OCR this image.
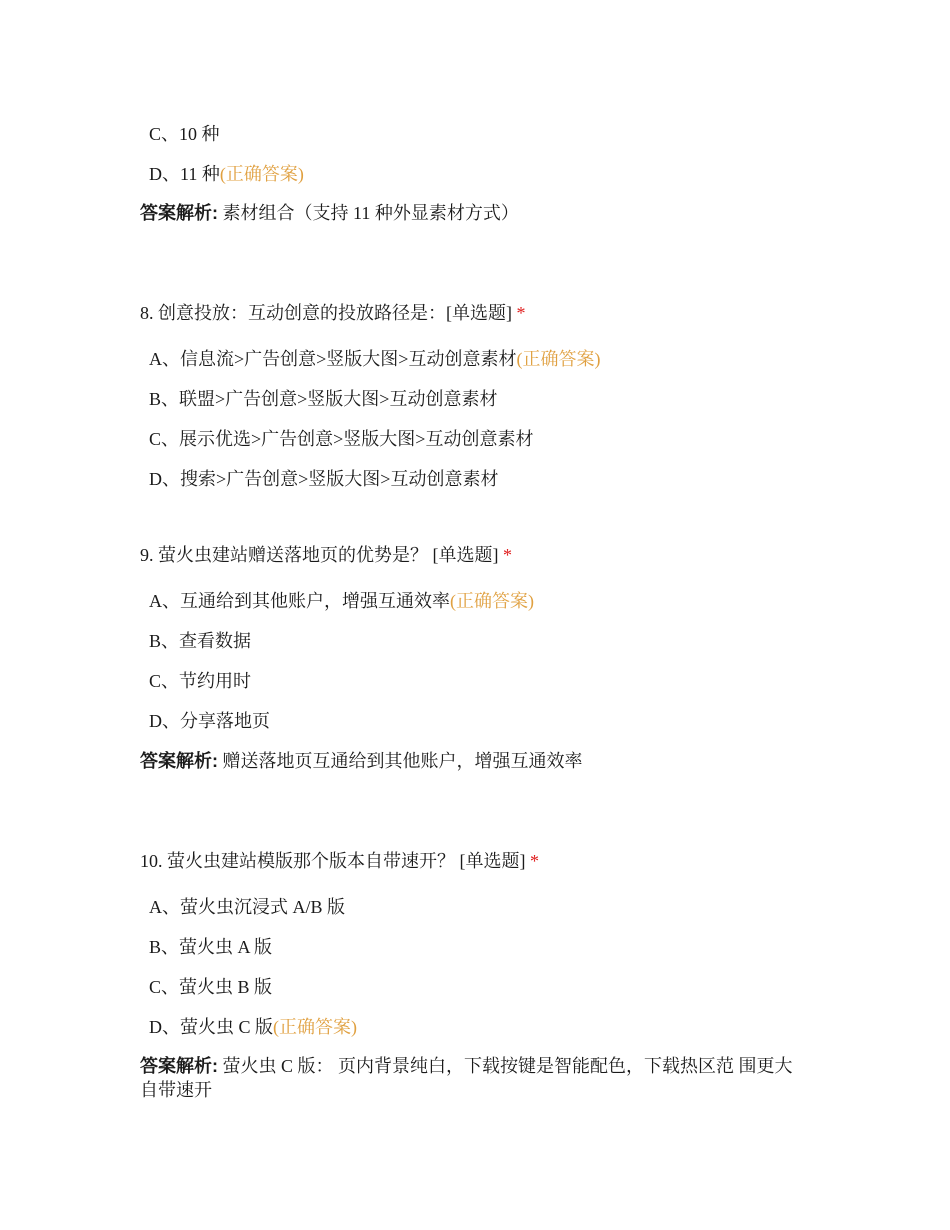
C、10 种
D、11 种(正确答案)
答案解析: 素材组合（支持 11 种外显素材方式）
8. 创意投放：互动创意的投放路径是：[单选题] *
A、信息流>广告创意>竖版大图>互动创意素材(正确答案)
B、联盟>广告创意>竖版大图>互动创意素材
C、展示优选>广告创意>竖版大图>互动创意素材
D、搜索>广告创意>竖版大图>互动创意素材
9. 萤火虫建站赠送落地页的优势是？ [单选题] *
A、互通给到其他账户，增强互通效率(正确答案)
B、查看数据
C、节约用时
D、分享落地页
答案解析: 赠送落地页互通给到其他账户，增强互通效率
10. 萤火虫建站模版那个版本自带速开？ [单选题] *
A、萤火虫沉浸式 A/B 版
B、萤火虫 A 版
C、萤火虫 B 版
D、萤火虫 C 版(正确答案)
答案解析: 萤火虫 C 版： 页内背景纯白，下载按键是智能配色，下载热区范 围更大自带速开
